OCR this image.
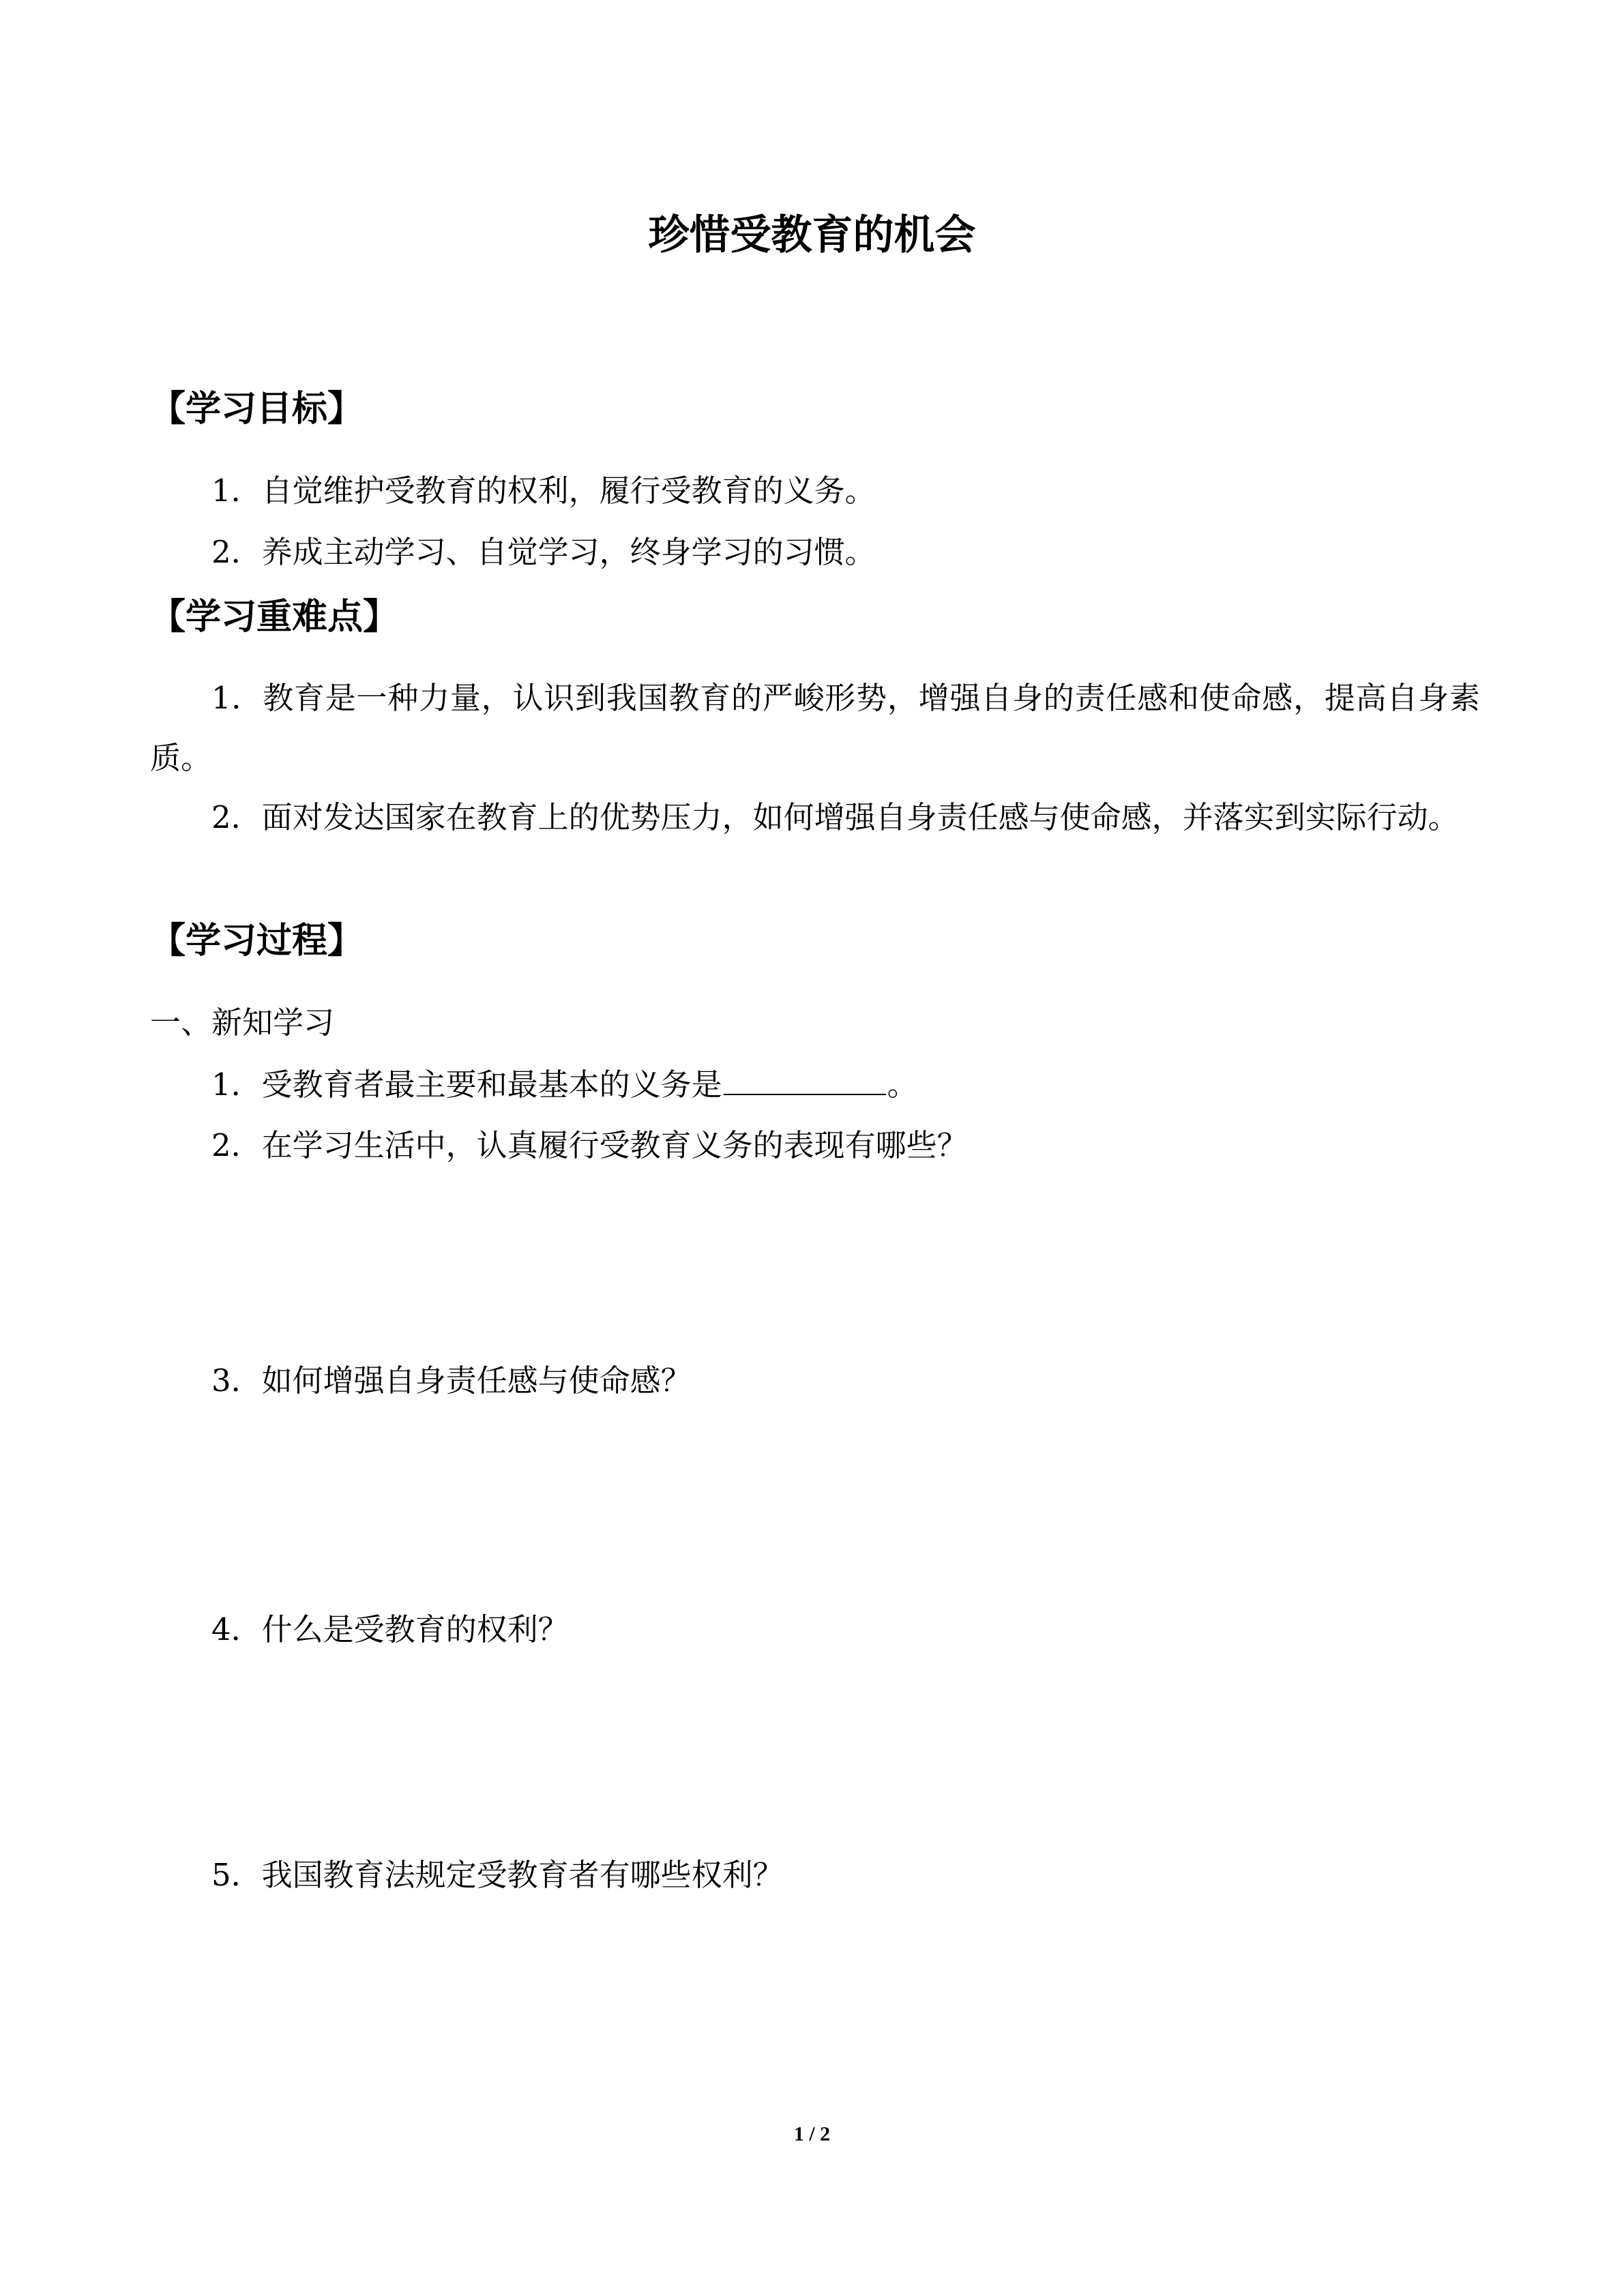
珍惜受教育的机会
【学习目标】

1．自觉维护受教育的权利，履行受教育的义务。

2．养成主动学习、自觉学习，终身学习的习惯。

【学习重难点】

1．教育是一种力量，认识到我国教育的严峻形势，增强自身的责任感和使命感，提高自身素质。

2．面对发达国家在教育上的优势压力，如何增强自身责任感与使命感，并落实到实际行动。

【学习过程】

一、新知学习

1．受教育者最主要和最基本的义务是	。

2．在学习生活中，认真履行受教育义务的表现有哪些？

3．如何增强自身责任感与使命感？

4．什么是受教育的权利？

5．我国教育法规定受教育者有哪些权利？

1 / 2
